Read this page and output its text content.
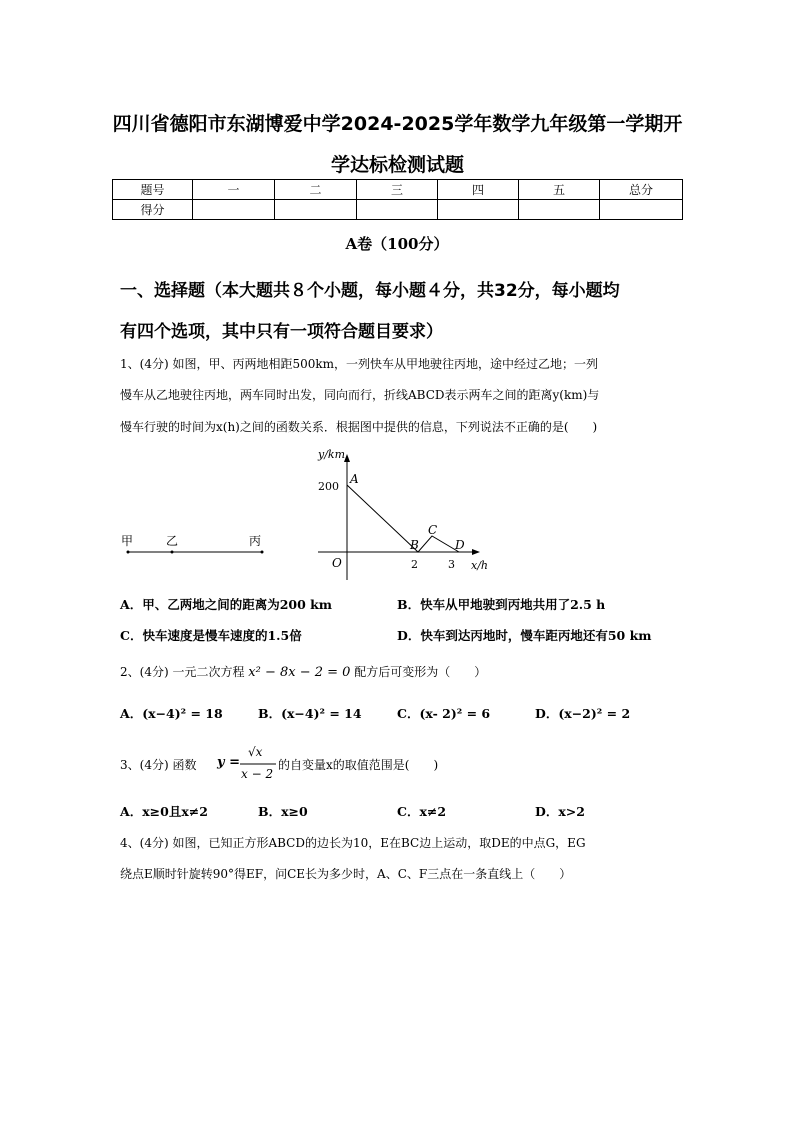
四川省德阳市东湖博爱中学2024-2025学年数学九年级第一学期开
学达标检测试题
题号	一	二	三	四	五	总分
得分						
A卷（100分）
一、选择题（本大题共８个小题，每小题４分，共32分，每小题均
有四个选项，其中只有一项符合题目要求）
1、(4分) 如图，甲、丙两地相距500km，一列快车从甲地驶往丙地，途中经过乙地；一列
慢车从乙地驶往丙地，两车同时出发，同向而行，折线ABCD表示两车之间的距离y(km)与
慢车行驶的时间为x(h)之间的函数关系．根据图中提供的信息，下列说法不正确的是(　　)
甲	乙	丙
y/km
x/h
O
200
2	3
A
B
C
D
A．甲、乙两地之间的距离为200 km	B．快车从甲地驶到丙地共用了2.5 h
C．快车速度是慢车速度的1.5倍	D．快车到达丙地时，慢车距丙地还有50 km
2、(4分) 一元二次方程 x² − 8x − 2 = 0 配方后可变形为（　　）
A．(x−4)² = 18	B．(x−4)² = 14	C．(x- 2)² = 6	D．(x−2)² = 2
3、(4分) 函数 y =
√x
x − 2
的自变量x的取值范围是(　　)
A．x≥0且x≠2	B．x≥0	C．x≠2	D．x>2
4、(4分) 如图，已知正方形ABCD的边长为10，E在BC边上运动，取DE的中点G，EG
绕点E顺时针旋转90°得EF，问CE长为多少时，A、C、F三点在一条直线上（　　）
